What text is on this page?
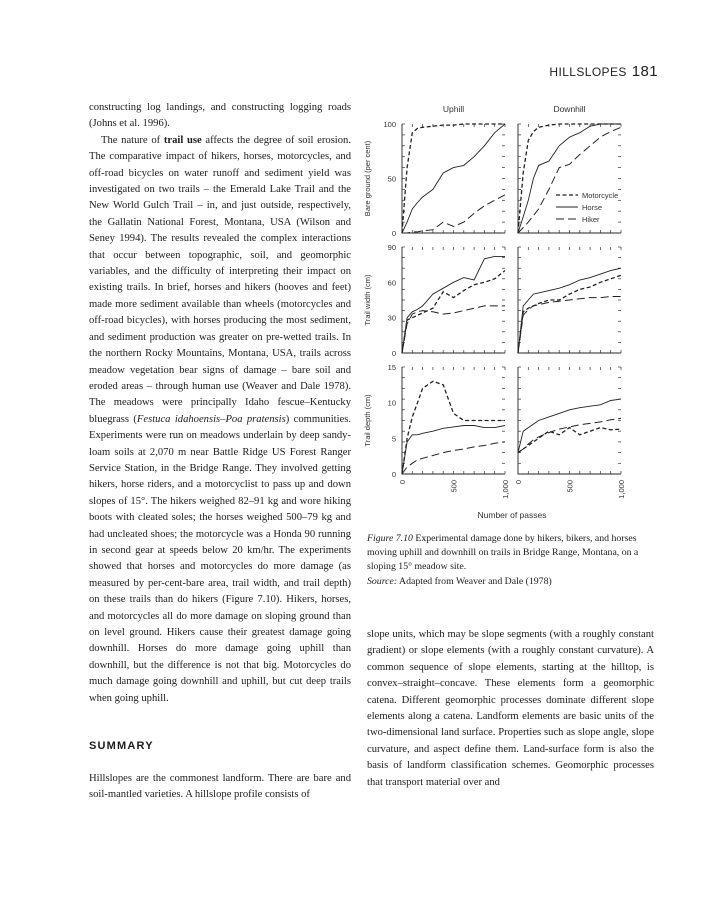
HILLSLOPES 181

constructing log landings, and constructing logging roads (Johns et al. 1996).

The nature of trail use affects the degree of soil erosion. The comparative impact of hikers, horses, motorcycles, and off-road bicycles on water runoff and sediment yield was investigated on two trails – the Emerald Lake Trail and the New World Gulch Trail – in, and just outside, respectively, the Gallatin National Forest, Montana, USA (Wilson and Seney 1994). The results revealed the complex interactions that occur between topographic, soil, and geomorphic variables, and the difficulty of interpreting their impact on existing trails. In brief, horses and hikers (hooves and feet) made more sediment available than wheels (motorcycles and off-road bicycles), with horses producing the most sediment, and sediment production was greater on pre-wetted trails. In the northern Rocky Mountains, Montana, USA, trails across meadow vegetation bear signs of damage – bare soil and eroded areas – through human use (Weaver and Dale 1978). The meadows were principally Idaho fescue–Kentucky bluegrass (Festuca idahoensis–Poa pratensis) communities. Experiments were run on meadows underlain by deep sandy-loam soils at 2,070 m near Battle Ridge US Forest Ranger Service Station, in the Bridge Range. They involved getting hikers, horse riders, and a motorcyclist to pass up and down slopes of 15°. The hikers weighed 82–91 kg and wore hiking boots with cleated soles; the horses weighed 500–79 kg and had uncleated shoes; the motorcycle was a Honda 90 running in second gear at speeds below 20 km/hr. The experiments showed that horses and motorcycles do more damage (as measured by per-cent-bare area, trail width, and trail depth) on these trails than do hikers (Figure 7.10). Hikers, horses, and motorcycles all do more damage on sloping ground than on level ground. Hikers cause their greatest damage going downhill. Horses do more damage going uphill than downhill, but the difference is not that big. Motorcycles do much damage going downhill and uphill, but cut deep trails when going uphill.

SUMMARY

Hillslopes are the commonest landform. There are bare and soil-mantled varieties. A hillslope profile consists of

Uphill	Downhill
0
50
100
Bare ground (per cent)
0
30
60
90
Trail width (cm)
0
5
10
15
Trail depth (cm)
0	500	1,000 0	500	1,000
Number of passes
Motorcycle
Horse
Hiker

Figure 7.10 Experimental damage done by hikers, bikers, and horses moving uphill and downhill on trails in Bridge Range, Montana, on a sloping 15° meadow site.

Source: Adapted from Weaver and Dale (1978)

slope units, which may be slope segments (with a roughly constant gradient) or slope elements (with a roughly constant curvature). A common sequence of slope elements, starting at the hilltop, is convex–straight–concave. These elements form a geomorphic catena. Different geomorphic processes dominate different slope elements along a catena. Landform elements are basic units of the two-dimensional land surface. Properties such as slope angle, slope curvature, and aspect define them. Land-surface form is also the basis of landform classification schemes. Geomorphic processes that transport material over and
